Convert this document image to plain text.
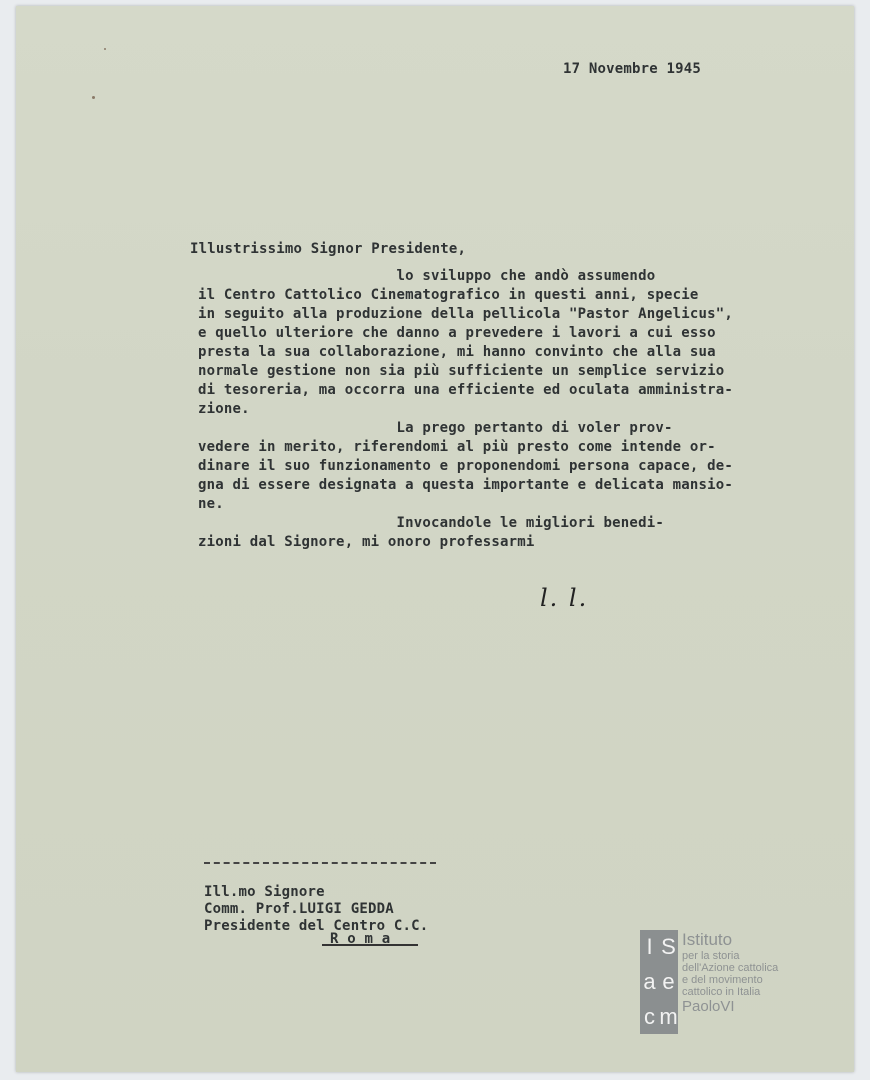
17 Novembre 1945
Illustrissimo Signor Presidente,

lo sviluppo che andò assumendo

il Centro Cattolico Cinematografico in questi anni, specie

in seguito alla produzione della pellicola "Pastor Angelicus",

e quello ulteriore che danno a prevedere i lavori a cui esso

presta la sua collaborazione, mi hanno convinto che alla sua

normale gestione non sia più sufficiente un semplice servizio

di tesoreria, ma occorra una efficiente ed oculata amministra-

zione.

La prego pertanto di voler prov-

vedere in merito, riferendomi al più presto come intende or-

dinare il suo funzionamento e proponendomi persona capace, de-

gna di essere designata a questa importante e delicata mansio-

ne.

Invocandole le migliori benedi-

zioni dal Signore, mi onoro professarmi

l. l.
Ill.mo Signore
Comm. Prof.LUIGI GEDDA
Presidente del Centro C.C.
R o m a	I S
a e
c m
Istituto
per la storia
dell'Azione cattolica
e del movimento
cattolico in Italia
PaoloVI
